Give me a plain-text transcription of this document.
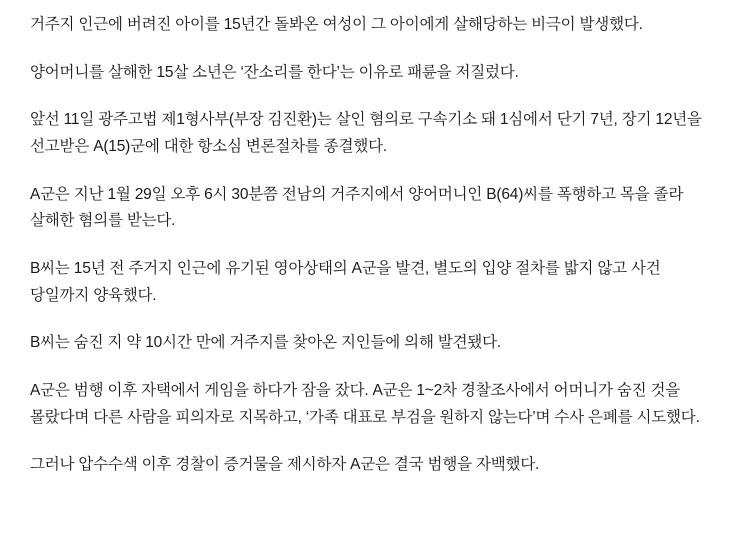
거주지 인근에 버려진 아이를 15년간 돌봐온 여성이 그 아이에게 살해당하는 비극이 발생했다.

양어머니를 살해한 15살 소년은 ‘잔소리를 한다’는 이유로 패륜을 저질렀다.

앞선 11일 광주고법 제1형사부(부장 김진환)는 살인 혐의로 구속기소 돼 1심에서 단기 7년, 장기 12년을 선고받은 A(15)군에 대한 항소심 변론절차를 종결했다.

A군은 지난 1월 29일 오후 6시 30분쯤 전남의 거주지에서 양어머니인 B(64)씨를 폭행하고 목을 졸라 살해한 혐의를 받는다.

B씨는 15년 전 주거지 인근에 유기된 영아상태의 A군을 발견, 별도의 입양 절차를 밟지 않고 사건 당일까지 양육했다.

B씨는 숨진 지 약 10시간 만에 거주지를 찾아온 지인들에 의해 발견됐다.

A군은 범행 이후 자택에서 게임을 하다가 잠을 잤다. A군은 1~2차 경찰조사에서 어머니가 숨진 것을 몰랐다며 다른 사람을 피의자로 지목하고, ‘가족 대표로 부검을 원하지 않는다’며 수사 은폐를 시도했다.

그러나 압수수색 이후 경찰이 증거물을 제시하자 A군은 결국 범행을 자백했다.
